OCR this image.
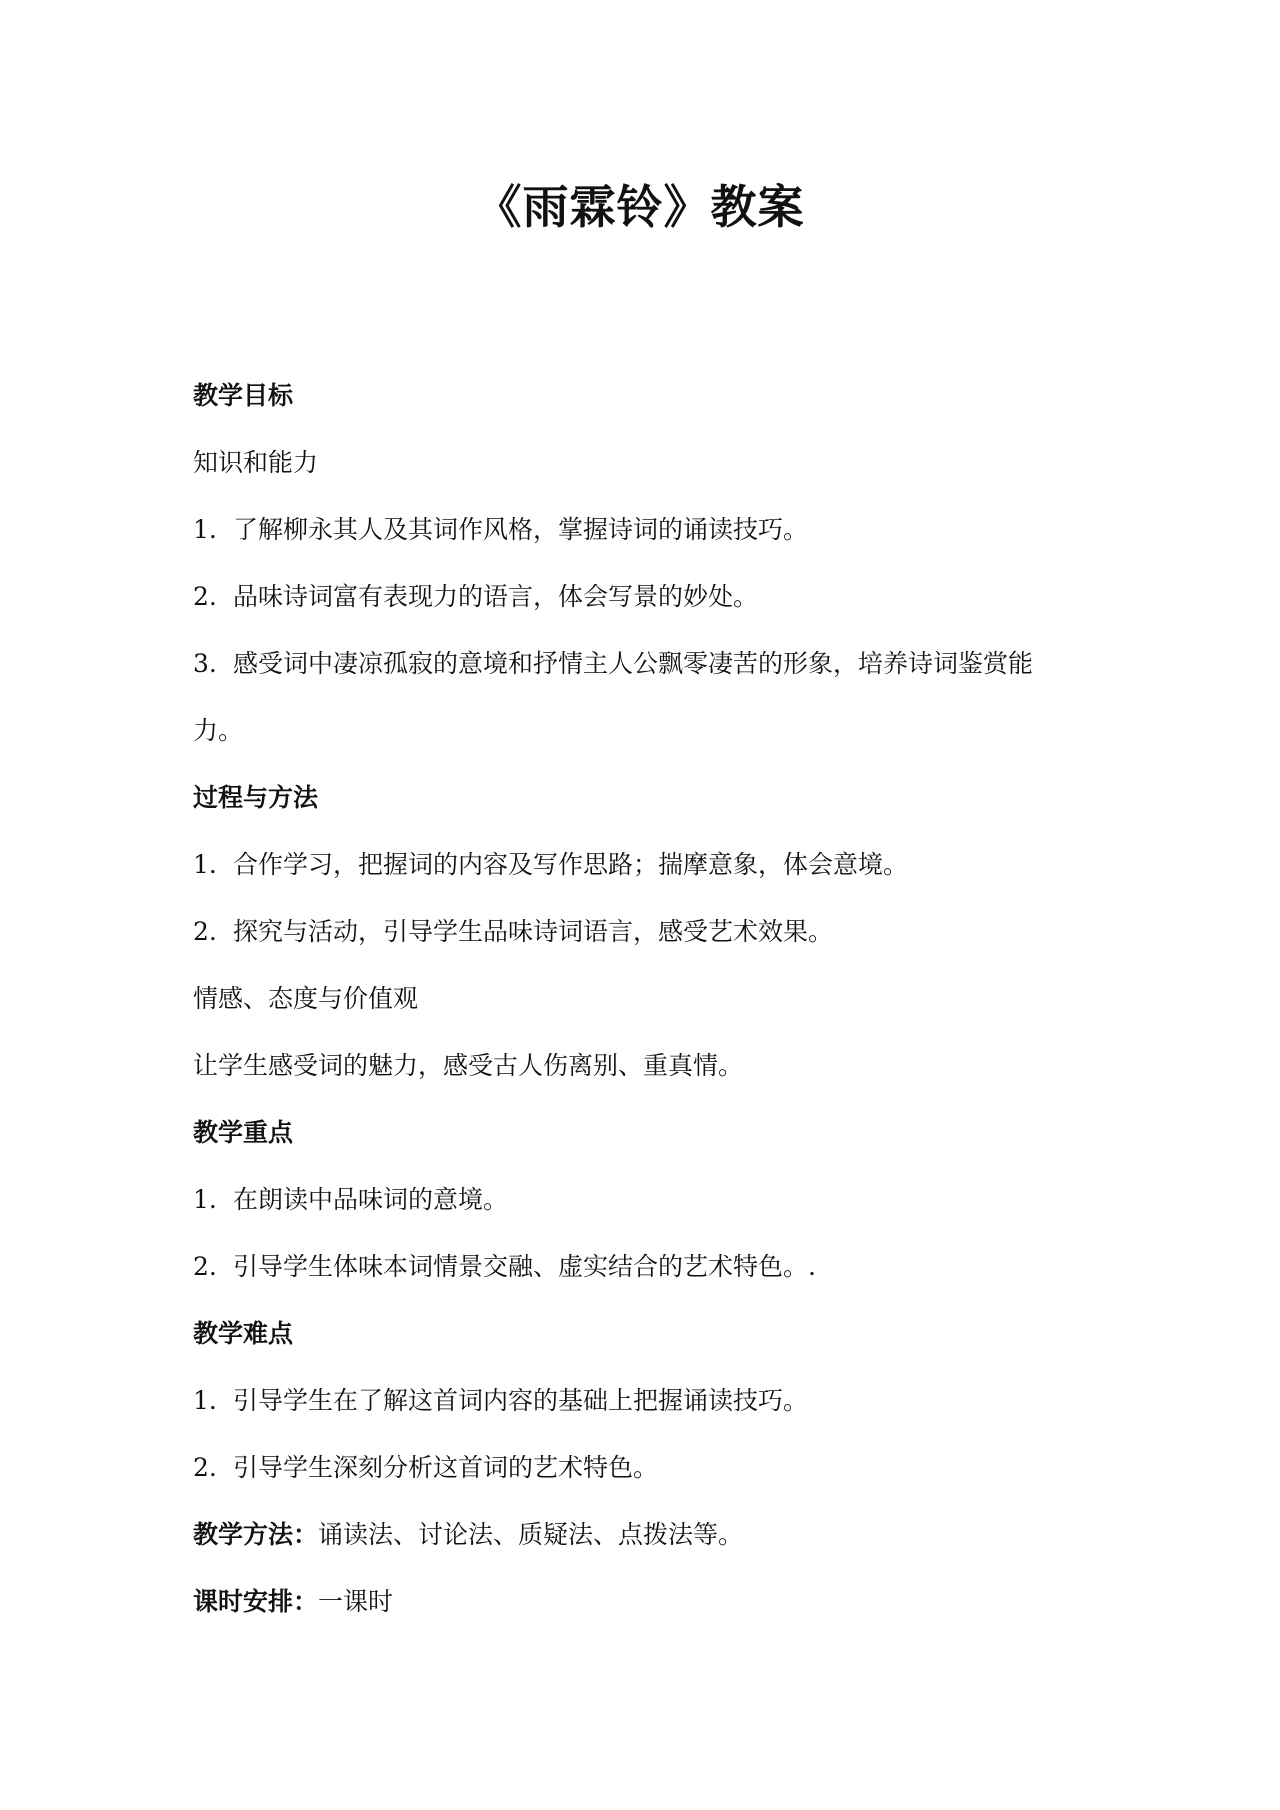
《雨霖铃》教案
教学目标
知识和能力
1. 了解柳永其人及其词作风格，掌握诗词的诵读技巧。
2. 品味诗词富有表现力的语言，体会写景的妙处。
3. 感受词中凄凉孤寂的意境和抒情主人公飘零凄苦的形象，培养诗词鉴赏能
力。
过程与方法
1. 合作学习，把握词的内容及写作思路；揣摩意象，体会意境。
2. 探究与活动，引导学生品味诗词语言，感受艺术效果。
情感、态度与价值观
让学生感受词的魅力，感受古人伤离别、重真情。
教学重点
1. 在朗读中品味词的意境。
2. 引导学生体味本词情景交融、虚实结合的艺术特色。.
教学难点
1. 引导学生在了解这首词内容的基础上把握诵读技巧。
2. 引导学生深刻分析这首词的艺术特色。
教学方法：诵读法、讨论法、质疑法、点拨法等。
课时安排：一课时
